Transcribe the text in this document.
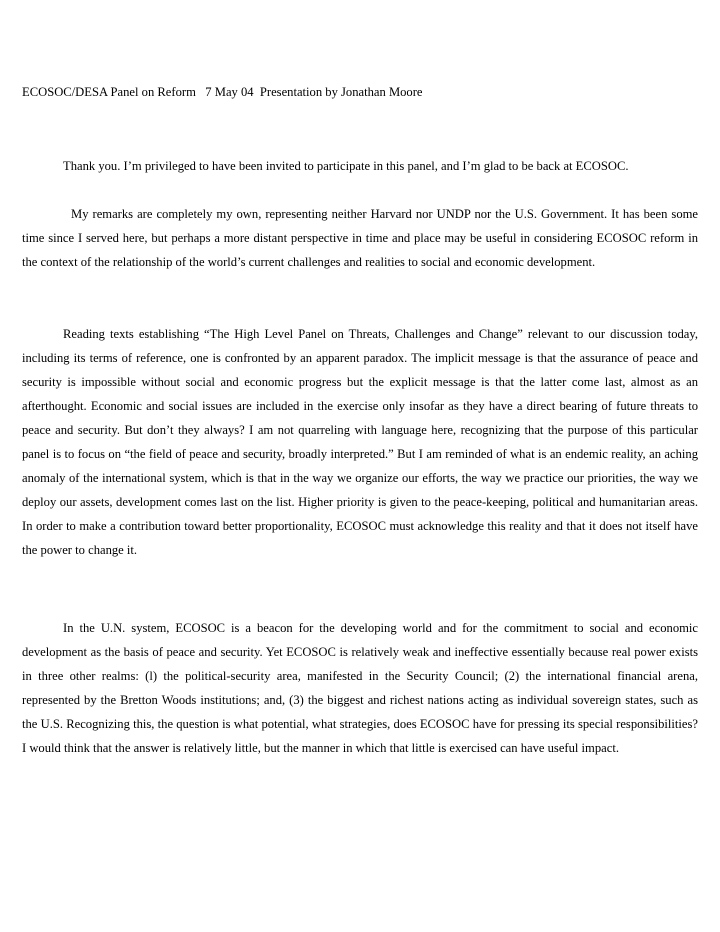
ECOSOC/DESA Panel on Reform   7 May 04  Presentation by Jonathan Moore

Thank you. I’m privileged to have been invited to participate in this panel, and I’m glad to be back at ECOSOC.

My remarks are completely my own, representing neither Harvard nor UNDP nor the U.S. Government. It has been some time since I served here, but perhaps a more distant perspective in time and place may be useful in considering ECOSOC reform in the context of the relationship of the world’s current challenges and realities to social and economic development.

Reading texts establishing “The High Level Panel on Threats, Challenges and Change” relevant to our discussion today, including its terms of reference, one is confronted by an apparent paradox. The implicit message is that the assurance of peace and security is impossible without social and economic progress but the explicit message is that the latter come last, almost as an afterthought. Economic and social issues are included in the exercise only insofar as they have a direct bearing of future threats to peace and security. But don’t they always? I am not quarreling with language here, recognizing that the purpose of this particular panel is to focus on “the field of peace and security, broadly interpreted.” But I am reminded of what is an endemic reality, an aching anomaly of the international system, which is that in the way we organize our efforts, the way we practice our priorities, the way we deploy our assets, development comes last on the list. Higher priority is given to the peace-keeping, political and humanitarian areas. In order to make a contribution toward better proportionality, ECOSOC must acknowledge this reality and that it does not itself have the power to change it.

In the U.N. system, ECOSOC is a beacon for the developing world and for the commitment to social and economic development as the basis of peace and security. Yet ECOSOC is relatively weak and ineffective essentially because real power exists in three other realms: (l) the political-security area, manifested in the Security Council; (2) the international financial arena, represented by the Bretton Woods institutions; and, (3) the biggest and richest nations acting as individual sovereign states, such as the U.S. Recognizing this, the question is what potential, what strategies, does ECOSOC have for pressing its special responsibilities? I would think that the answer is relatively little, but the manner in which that little is exercised can have useful impact.
